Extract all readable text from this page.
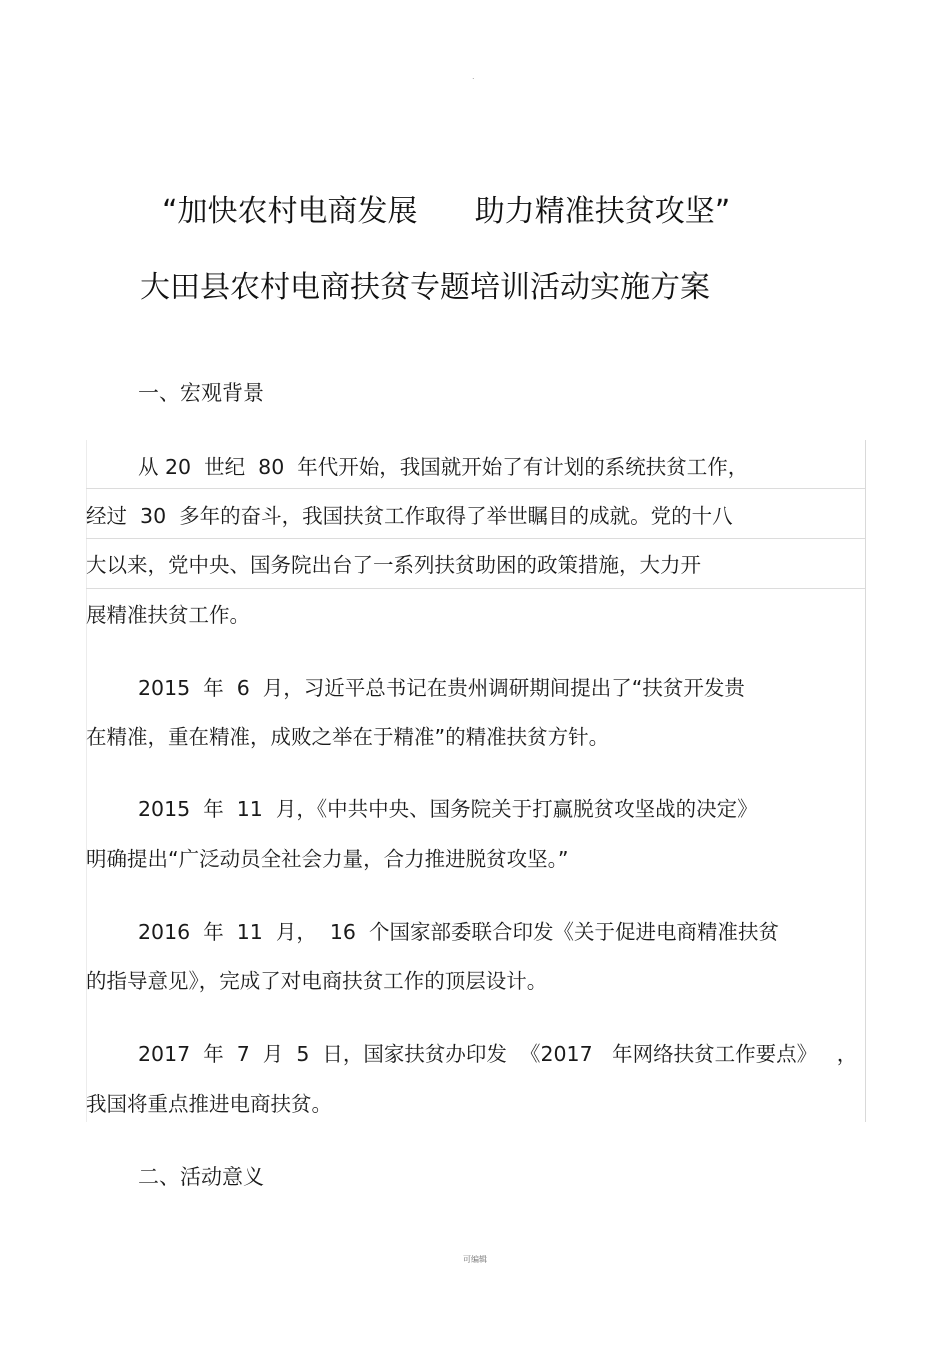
.
“加快农村电商发展      助力精准扶贫攻坚”
大田县农村电商扶贫专题培训活动实施方案
一、宏观背景
从 20  世纪  80  年代开始，我国就开始了有计划的系统扶贫工作，
经过  30  多年的奋斗，我国扶贫工作取得了举世瞩目的成就。党的十八
大以来，党中央、国务院出台了一系列扶贫助困的政策措施，大力开
展精准扶贫工作。
2015  年  6  月，习近平总书记在贵州调研期间提出了“扶贫开发贵
在精准，重在精准，成败之举在于精准”的精准扶贫方针。
2015  年  11  月，《中共中央、国务院关于打赢脱贫攻坚战的决定》
明确提出“广泛动员全社会力量，合力推进脱贫攻坚。”
2016  年  11  月，  16  个国家部委联合印发《关于促进电商精准扶贫
的指导意见》，完成了对电商扶贫工作的顶层设计。
2017  年  7  月  5  日，国家扶贫办印发  《2017   年网络扶贫工作要点》   ，
我国将重点推进电商扶贫。
二、活动意义
可编辑
